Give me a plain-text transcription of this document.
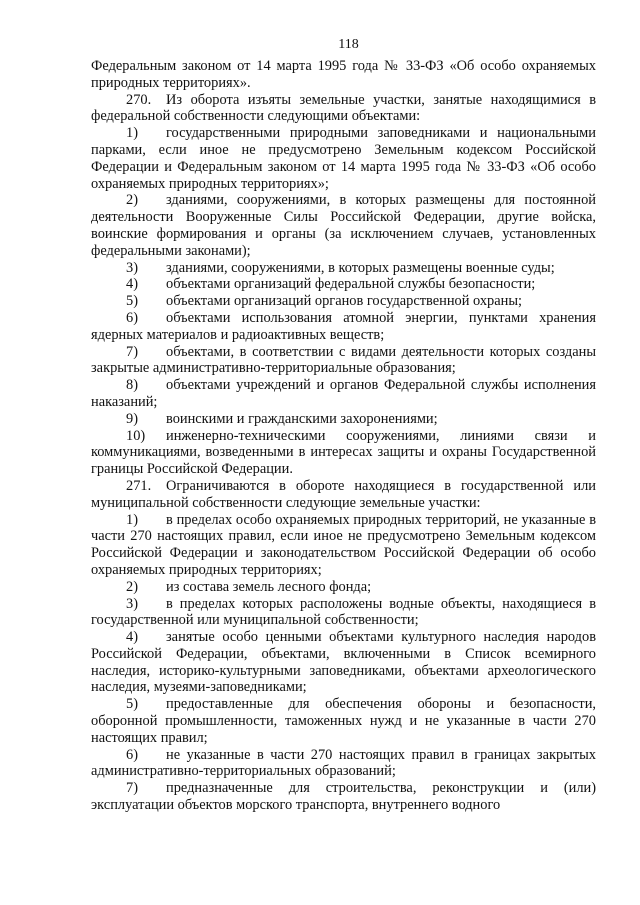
118

Федеральным законом от 14 марта 1995 года № 33-ФЗ «Об особо охраняемых природных территориях».

270. Из оборота изъяты земельные участки, занятые находящимися в федеральной собственности следующими объектами:

1) государственными природными заповедниками и национальными парками, если иное не предусмотрено Земельным кодексом Российской Федерации и Федеральным законом от 14 марта 1995 года № 33-ФЗ «Об особо охраняемых природных территориях»;

2) зданиями, сооружениями, в которых размещены для постоянной деятельности Вооруженные Силы Российской Федерации, другие войска, воинские формирования и органы (за исключением случаев, установленных федеральными законами);

3) зданиями, сооружениями, в которых размещены военные суды;

4) объектами организаций федеральной службы безопасности;

5) объектами организаций органов государственной охраны;

6) объектами использования атомной энергии, пунктами хранения ядерных материалов и радиоактивных веществ;

7) объектами, в соответствии с видами деятельности которых созданы закрытые административно-территориальные образования;

8) объектами учреждений и органов Федеральной службы исполнения наказаний;

9) воинскими и гражданскими захоронениями;

10) инженерно-техническими сооружениями, линиями связи и коммуникациями, возведенными в интересах защиты и охраны Государственной границы Российской Федерации.

271. Ограничиваются в обороте находящиеся в государственной или муниципальной собственности следующие земельные участки:

1) в пределах особо охраняемых природных территорий, не указанные в части 270 настоящих правил, если иное не предусмотрено Земельным кодексом Российской Федерации и законодательством Российской Федерации об особо охраняемых природных территориях;

2) из состава земель лесного фонда;

3) в пределах которых расположены водные объекты, находящиеся в государственной или муниципальной собственности;

4) занятые особо ценными объектами культурного наследия народов Российской Федерации, объектами, включенными в Список всемирного наследия, историко-культурными заповедниками, объектами археологического наследия, музеями-заповедниками;

5) предоставленные для обеспечения обороны и безопасности, оборонной промышленности, таможенных нужд и не указанные в части 270 настоящих правил;

6) не указанные в части 270 настоящих правил в границах закрытых административно-территориальных образований;

7) предназначенные для строительства, реконструкции и (или) эксплуатации объектов морского транспорта, внутреннего водного
